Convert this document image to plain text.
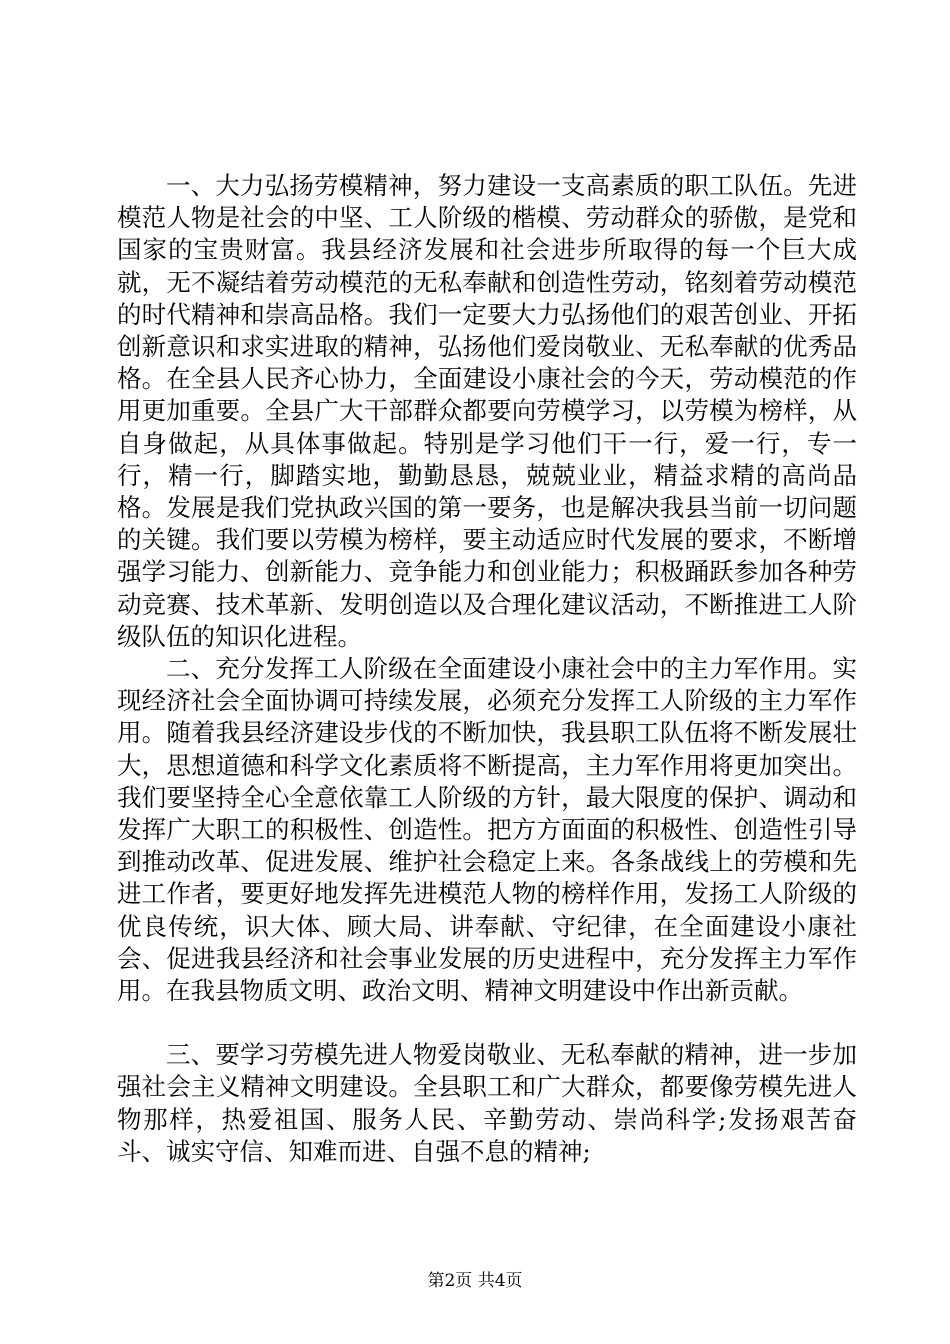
一、大力弘扬劳模精神，努力建设一支高素质的职工队伍。先进模范人物是社会的中坚、工人阶级的楷模、劳动群众的骄傲，是党和国家的宝贵财富。我县经济发展和社会进步所取得的每一个巨大成就，无不凝结着劳动模范的无私奉献和创造性劳动，铭刻着劳动模范的时代精神和崇高品格。我们一定要大力弘扬他们的艰苦创业、开拓创新意识和求实进取的精神，弘扬他们爱岗敬业、无私奉献的优秀品格。在全县人民齐心协力，全面建设小康社会的今天，劳动模范的作用更加重要。全县广大干部群众都要向劳模学习，以劳模为榜样，从自身做起，从具体事做起。特别是学习他们干一行，爱一行，专一行，精一行，脚踏实地，勤勤恳恳，兢兢业业，精益求精的高尚品格。发展是我们党执政兴国的第一要务，也是解决我县当前一切问题的关键。我们要以劳模为榜样，要主动适应时代发展的要求，不断增强学习能力、创新能力、竞争能力和创业能力；积极踊跃参加各种劳动竞赛、技术革新、发明创造以及合理化建议活动，不断推进工人阶级队伍的知识化进程。

二、充分发挥工人阶级在全面建设小康社会中的主力军作用。实现经济社会全面协调可持续发展，必须充分发挥工人阶级的主力军作用。随着我县经济建设步伐的不断加快，我县职工队伍将不断发展壮大，思想道德和科学文化素质将不断提高，主力军作用将更加突出。我们要坚持全心全意依靠工人阶级的方针，最大限度的保护、调动和发挥广大职工的积极性、创造性。把方方面面的积极性、创造性引导到推动改革、促进发展、维护社会稳定上来。各条战线上的劳模和先进工作者，要更好地发挥先进模范人物的榜样作用，发扬工人阶级的优良传统，识大体、顾大局、讲奉献、守纪律，在全面建设小康社会、促进我县经济和社会事业发展的历史进程中，充分发挥主力军作用。在我县物质文明、政治文明、精神文明建设中作出新贡献。

三、要学习劳模先进人物爱岗敬业、无私奉献的精神，进一步加强社会主义精神文明建设。全县职工和广大群众，都要像劳模先进人物那样，热爱祖国、服务人民、辛勤劳动、崇尚科学;发扬艰苦奋斗、诚实守信、知难而进、自强不息的精神;

第2页 共4页
